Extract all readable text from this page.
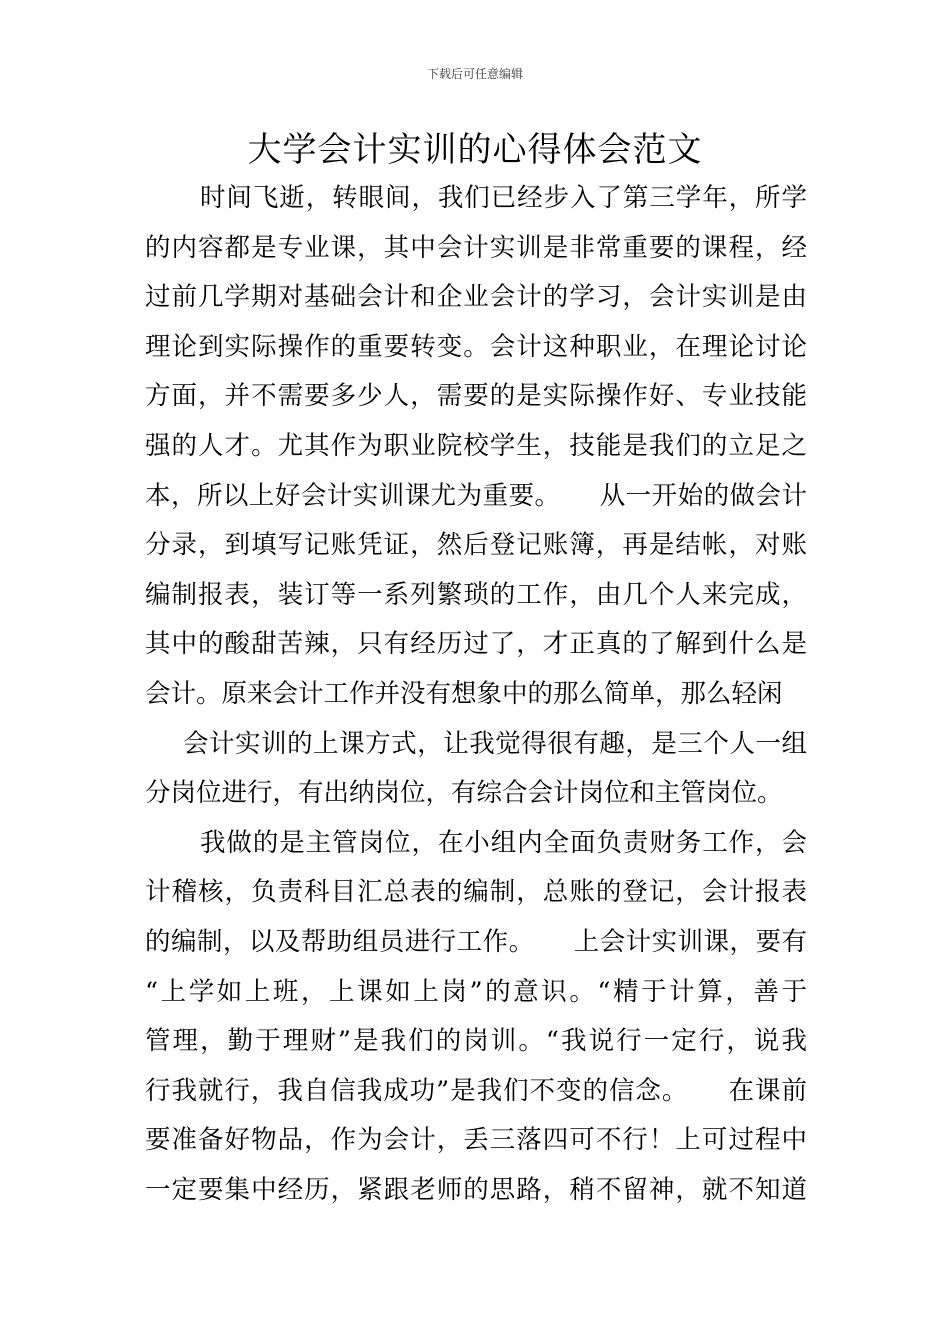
下载后可任意编辑
大学会计实训的心得体会范文
时间飞逝，转眼间，我们已经步入了第三学年，所学
的内容都是专业课，其中会计实训是非常重要的课程，经
过前几学期对基础会计和企业会计的学习，会计实训是由
理论到实际操作的重要转变。会计这种职业，在理论讨论
方面，并不需要多少人，需要的是实际操作好、专业技能
强的人才。尤其作为职业院校学生，技能是我们的立足之
本，所以上好会计实训课尤为重要。　　从一开始的做会计
分录，到填写记账凭证，然后登记账簿，再是结帐，对账
编制报表，装订等一系列繁琐的工作，由几个人来完成，
其中的酸甜苦辣，只有经历过了，才正真的了解到什么是
会计。原来会计工作并没有想象中的那么简单，那么轻闲
会计实训的上课方式，让我觉得很有趣，是三个人一组
分岗位进行，有出纳岗位，有综合会计岗位和主管岗位。
我做的是主管岗位，在小组内全面负责财务工作，会
计稽核，负责科目汇总表的编制，总账的登记，会计报表
的编制，以及帮助组员进行工作。　　上会计实训课，要有
“上学如上班，上课如上岗”的意识。“精于计算，善于
管理，勤于理财”是我们的岗训。“我说行一定行，说我
行我就行，我自信我成功”是我们不变的信念。　　在课前
要准备好物品，作为会计，丢三落四可不行！上可过程中
一定要集中经历，紧跟老师的思路，稍不留神，就不知道
